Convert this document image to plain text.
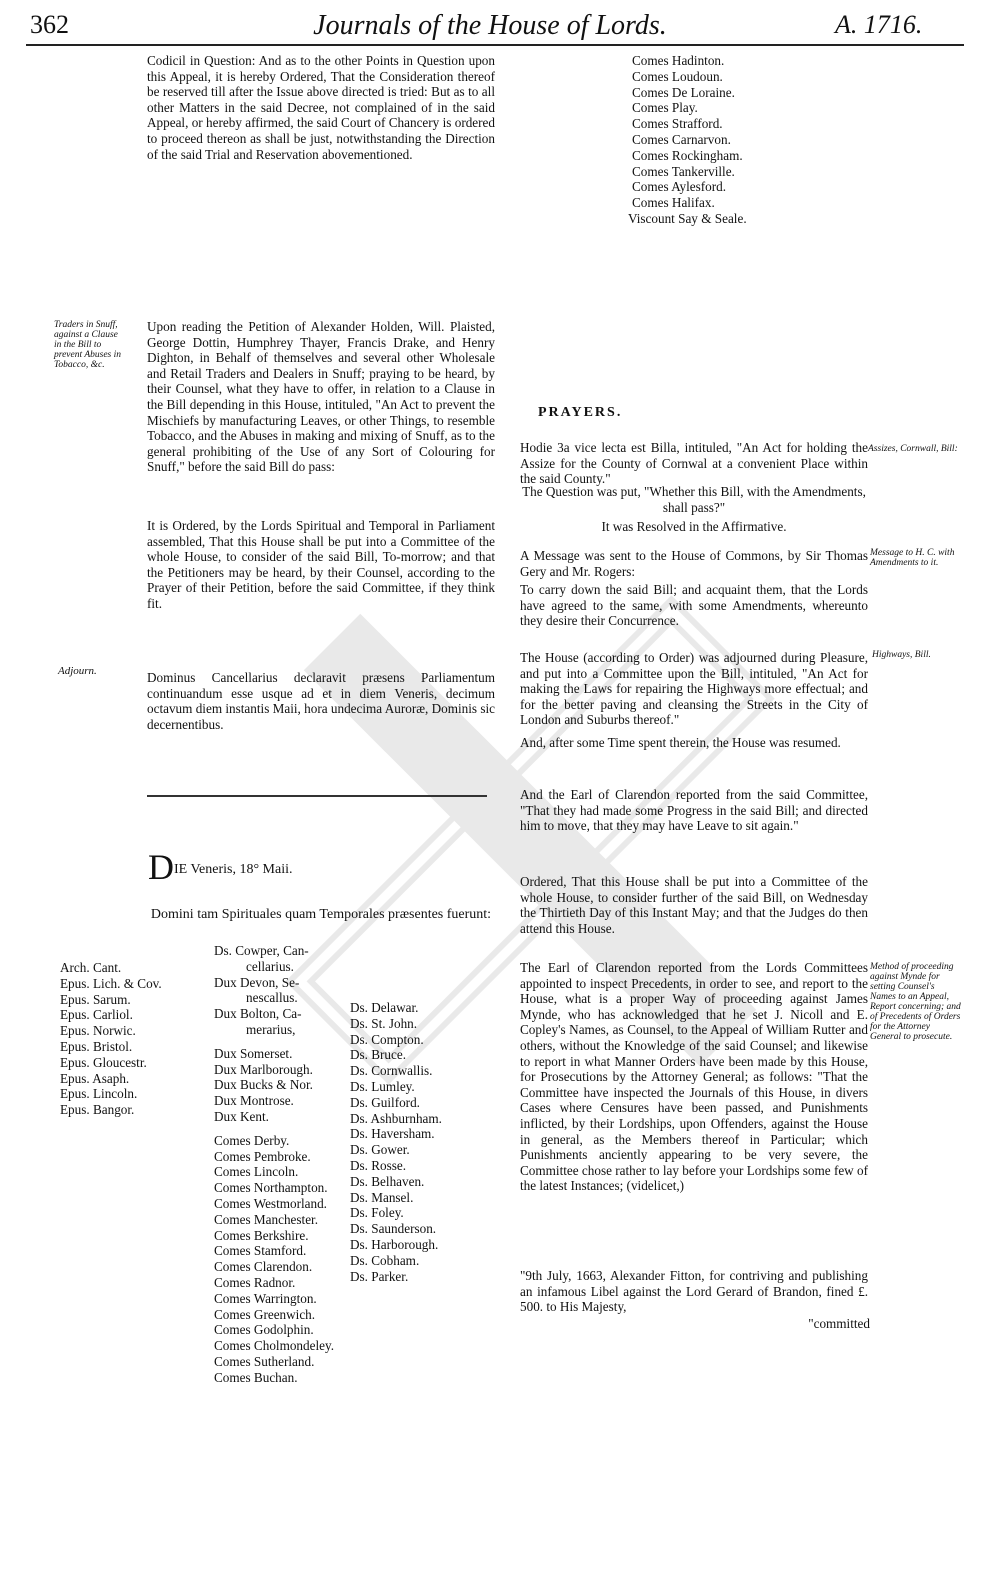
362	Journals of the House of Lords.	A. 1716.
Codicil in Question: And as to the other Points in Question upon this Appeal, it is hereby Ordered, That the Consideration thereof be reserved till after the Issue above directed is tried: But as to all other Matters in the said Decree, not complained of in the said Appeal, or hereby affirmed, the said Court of Chancery is ordered to proceed thereon as shall be just, notwithstanding the Direction of the said Trial and Reservation abovementioned.
Traders in Snuff, against a Clause in the Bill to prevent Abuses in Tobacco, &c.
Upon reading the Petition of Alexander Holden, Will. Plaisted, George Dottin, Humphrey Thayer, Francis Drake, and Henry Dighton, in Behalf of themselves and several other Wholesale and Retail Traders and Dealers in Snuff; praying to be heard, by their Counsel, what they have to offer, in relation to a Clause in the Bill depending in this House, intituled, "An Act to prevent the Mischiefs by manufacturing Leaves, or other Things, to resemble Tobacco, and the Abuses in making and mixing of Snuff, as to the general prohibiting of the Use of any Sort of Colouring for Snuff," before the said Bill do pass:
It is Ordered, by the Lords Spiritual and Temporal in Parliament assembled, That this House shall be put into a Committee of the whole House, to consider of the said Bill, To-morrow; and that the Petitioners may be heard, by their Counsel, according to the Prayer of their Petition, before the said Committee, if they think fit.
Adjourn.	Dominus Cancellarius declaravit præsens Parliamentum continuandum esse usque ad et in diem Veneris, decimum octavum diem instantis Maii, hora undecima Auroræ, Dominis sic decernentibus.
DIE Veneris, 18° Maii.
Domini tam Spirituales quam Temporales præsentes fuerunt:
Arch. Cant.
Epus. Lich. & Cov.
Epus. Sarum.
Epus. Carliol.
Epus. Norwic.
Epus. Bristol.
Epus. Gloucestr.
Epus. Asaph.
Epus. Lincoln.
Epus. Bangor.
Ds. Cowper, Can-
cellarius.
Dux Devon, Se-
nescallus.
Dux Bolton, Ca-
merarius,
Dux Somerset.
Dux Marlborough.
Dux Bucks & Nor.
Dux Montrose.
Dux Kent.
Comes Derby.
Comes Pembroke.
Comes Lincoln.
Comes Northampton.
Comes Westmorland.
Comes Manchester.
Comes Berkshire.
Comes Stamford.
Comes Clarendon.
Comes Radnor.
Comes Warrington.
Comes Greenwich.
Comes Godolphin.
Comes Cholmondeley.
Comes Sutherland.
Comes Buchan.
Ds. Delawar.
Ds. St. John.
Ds. Compton.
Ds. Bruce.
Ds. Cornwallis.
Ds. Lumley.
Ds. Guilford.
Ds. Ashburnham.
Ds. Haversham.
Ds. Gower.
Ds. Rosse.
Ds. Belhaven.
Ds. Mansel.
Ds. Foley.
Ds. Saunderson.
Ds. Harborough.
Ds. Cobham.
Ds. Parker.
Comes Hadinton.
Comes Loudoun.
Comes De Loraine.
Comes Play.
Comes Strafford.
Comes Carnarvon.
Comes Rockingham.
Comes Tankerville.
Comes Aylesford.
Comes Halifax.
Viscount Say & Seale.
PRAYERS.
Hodie 3a vice lecta est Billa, intituled, "An Act for holding the Assize for the County of Cornwal at a convenient Place within the said County."
Assizes, Cornwall, Bill:
The Question was put, "Whether this Bill, with the Amendments, shall pass?"
It was Resolved in the Affirmative.
A Message was sent to the House of Commons, by Sir Thomas Gery and Mr. Rogers:
Message to H. C. with Amendments to it.
To carry down the said Bill; and acquaint them, that the Lords have agreed to the same, with some Amendments, whereunto they desire their Concurrence.
The House (according to Order) was adjourned during Pleasure, and put into a Committee upon the Bill, intituled, "An Act for making the Laws for repairing the Highways more effectual; and for the better paving and cleansing the Streets in the City of London and Suburbs thereof."
Highways, Bill.
And, after some Time spent therein, the House was resumed.
And the Earl of Clarendon reported from the said Committee, "That they had made some Progress in the said Bill; and directed him to move, that they may have Leave to sit again."
Ordered, That this House shall be put into a Committee of the whole House, to consider further of the said Bill, on Wednesday the Thirtieth Day of this Instant May; and that the Judges do then attend this House.
The Earl of Clarendon reported from the Lords Committees appointed to inspect Precedents, in order to see, and report to the House, what is a proper Way of proceeding against James Mynde, who has acknowledged that he set J. Nicoll and E. Copley's Names, as Counsel, to the Appeal of William Rutter and others, without the Knowledge of the said Counsel; and likewise to report in what Manner Orders have been made by this House, for Prosecutions by the Attorney General; as follows: "That the Committee have inspected the Journals of this House, in divers Cases where Censures have been passed, and Punishments inflicted, by their Lordships, upon Offenders, against the House in general, as the Members thereof in Particular; which Punishments anciently appearing to be very severe, the Committee chose rather to lay before your Lordships some few of the latest Instances; (videlicet,)
Method of proceeding against Mynde for setting Counsel's Names to an Appeal, Report concerning; and of Precedents of Orders for the Attorney General to prosecute.
"9th July, 1663, Alexander Fitton, for contriving and publishing an infamous Libel against the Lord Gerard of Brandon, fined £. 500. to His Majesty,
"committed
